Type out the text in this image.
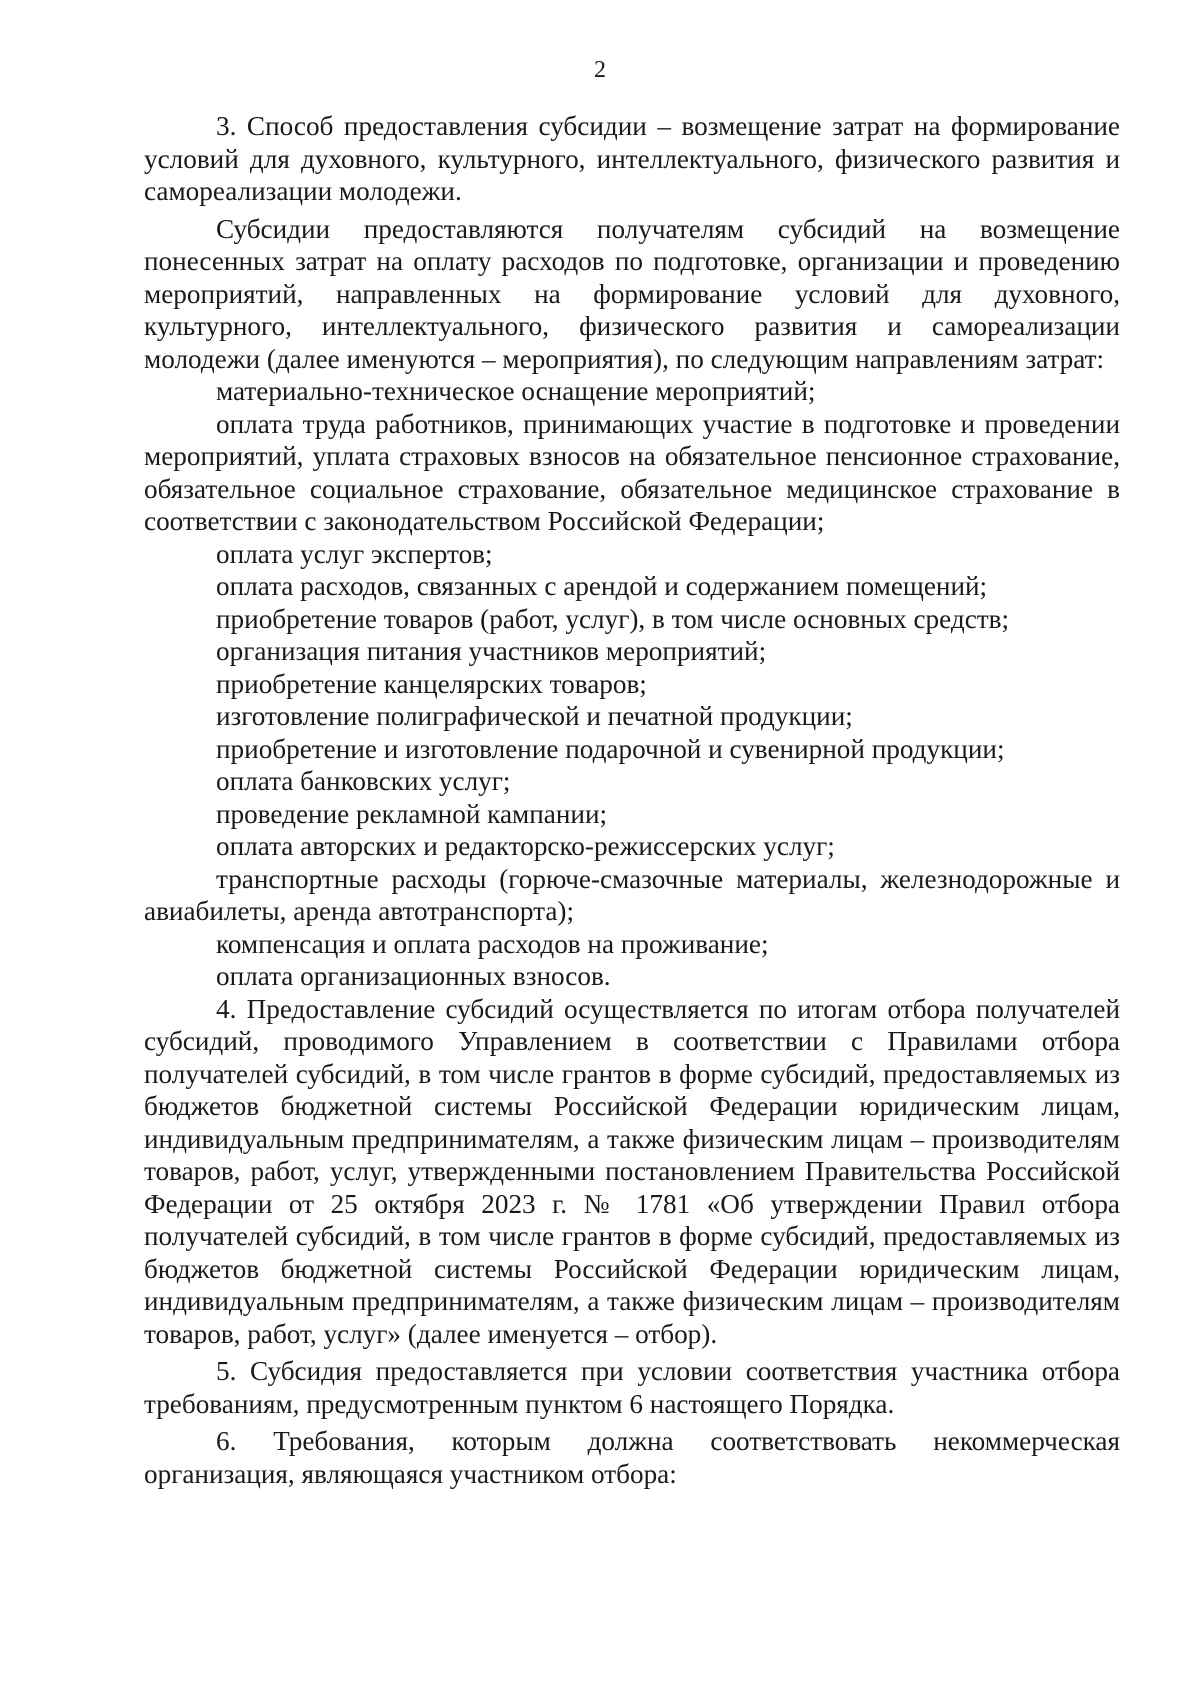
2

3. Способ предоставления субсидии – возмещение затрат на формирование условий для духовного, культурного, интеллектуального, физического развития и самореализации молодежи.

Субсидии предоставляются получателям субсидий на возмещение понесенных затрат на оплату расходов по подготовке, организации и проведению мероприятий, направленных на формирование условий для духовного, культурного, интеллектуального, физического развития и самореализации молодежи (далее именуются – мероприятия), по следующим направлениям затрат:

материально-техническое оснащение мероприятий;

оплата труда работников, принимающих участие в подготовке и проведении мероприятий, уплата страховых взносов на обязательное пенсионное страхование, обязательное социальное страхование, обязательное медицинское страхование в соответствии с законодательством Российской Федерации;

оплата услуг экспертов;

оплата расходов, связанных с арендой и содержанием помещений;

приобретение товаров (работ, услуг), в том числе основных средств;

организация питания участников мероприятий;

приобретение канцелярских товаров;

изготовление полиграфической и печатной продукции;

приобретение и изготовление подарочной и сувенирной продукции;

оплата банковских услуг;

проведение рекламной кампании;

оплата авторских и редакторско-режиссерских услуг;

транспортные расходы (горюче-смазочные материалы, железнодорожные и авиабилеты, аренда автотранспорта);

компенсация и оплата расходов на проживание;

оплата организационных взносов.

4. Предоставление субсидий осуществляется по итогам отбора получателей субсидий, проводимого Управлением в соответствии с Правилами отбора получателей субсидий, в том числе грантов в форме субсидий, предоставляемых из бюджетов бюджетной системы Российской Федерации юридическим лицам, индивидуальным предпринимателям, а также физическим лицам – производителям товаров, работ, услуг, утвержденными постановлением Правительства Российской Федерации от 25 октября 2023 г. № 1781 «Об утверждении Правил отбора получателей субсидий, в том числе грантов в форме субсидий, предоставляемых из бюджетов бюджетной системы Российской Федерации юридическим лицам, индивидуальным предпринимателям, а также физическим лицам – производителям товаров, работ, услуг» (далее именуется – отбор).

5. Субсидия предоставляется при условии соответствия участника отбора требованиям, предусмотренным пунктом 6 настоящего Порядка.

6. Требования, которым должна соответствовать некоммерческая организация, являющаяся участником отбора:
